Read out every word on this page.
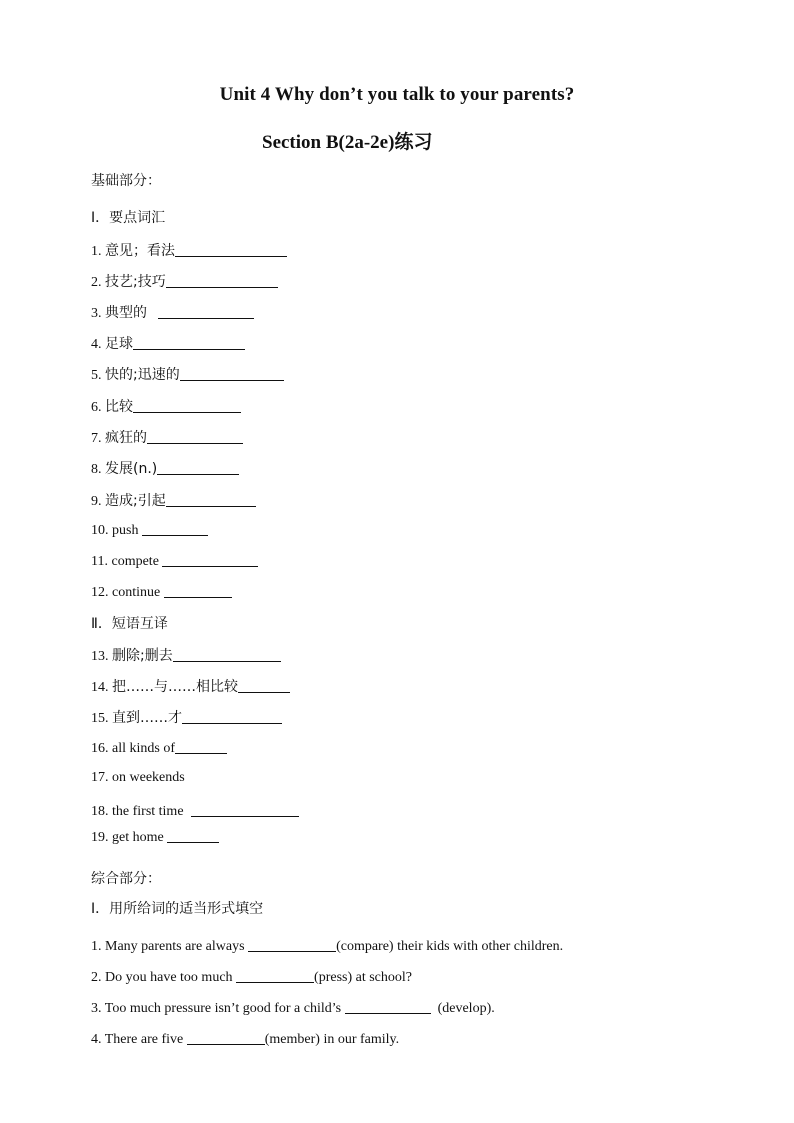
Unit 4 Why don’t you talk to your parents?
Section B(2a-2e)练习
基础部分：
Ⅰ．要点词汇
1. 意见；看法
2. 技艺;技巧
3. 典型的
4. 足球
5. 快的;迅速的
6. 比较
7. 疯狂的
8. 发展(n.)
9. 造成;引起
10. push
11. compete
12. continue
Ⅱ．短语互译
13. 删除;删去
14. 把……与……相比较
15. 直到……才
16. all kinds of
17. on weekends
18. the first time
19. get home
综合部分：
Ⅰ．用所给词的适当形式填空
1. Many parents are always	(compare) their kids with other children.
2. Do you have too much	(press) at school?
3. Too much pressure isn’t good for a child’s	(develop).
4. There are five	(member) in our family.
